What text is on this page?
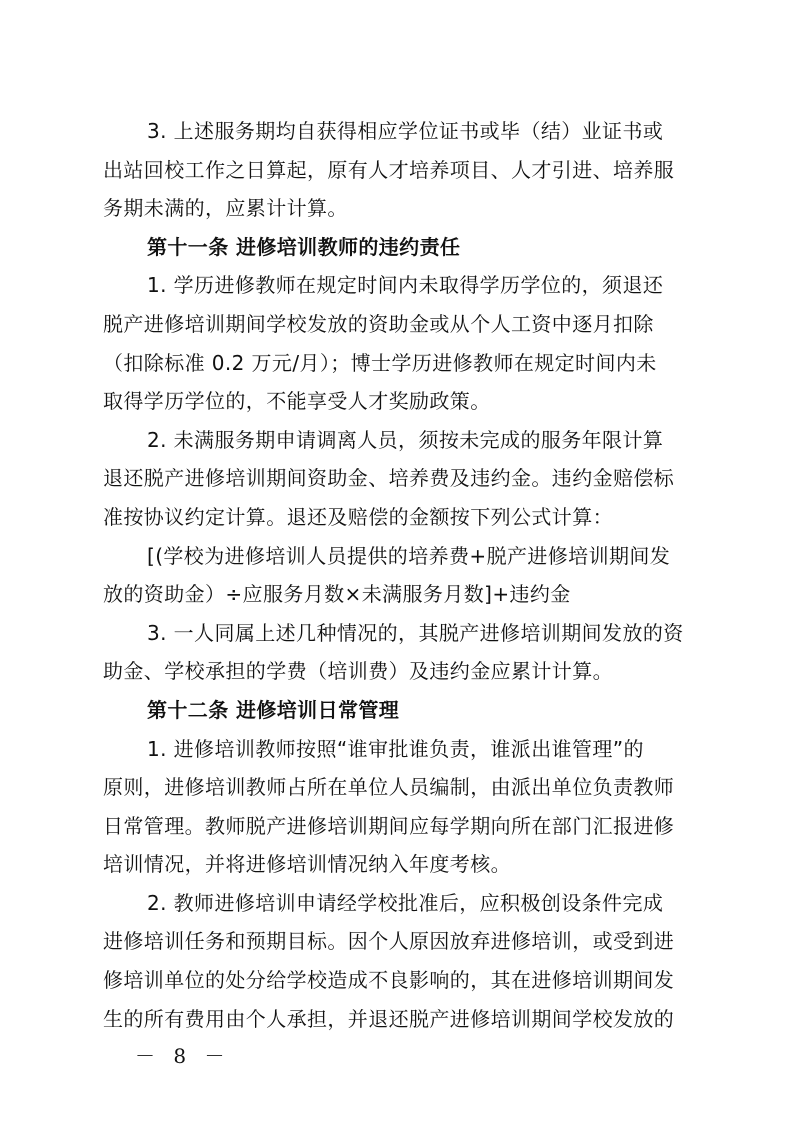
3. 上述服务期均自获得相应学位证书或毕（结）业证书或
出站回校工作之日算起，原有人才培养项目、人才引进、培养服
务期未满的，应累计计算。
第十一条 进修培训教师的违约责任
1. 学历进修教师在规定时间内未取得学历学位的，须退还
脱产进修培训期间学校发放的资助金或从个人工资中逐月扣除
（扣除标准 0.2 万元/月）；博士学历进修教师在规定时间内未
取得学历学位的，不能享受人才奖励政策。
2. 未满服务期申请调离人员，须按未完成的服务年限计算
退还脱产进修培训期间资助金、培养费及违约金。违约金赔偿标
准按协议约定计算。退还及赔偿的金额按下列公式计算：
[(学校为进修培训人员提供的培养费+脱产进修培训期间发
放的资助金）÷应服务月数×未满服务月数]+违约金
3. 一人同属上述几种情况的，其脱产进修培训期间发放的资
助金、学校承担的学费（培训费）及违约金应累计计算。
第十二条 进修培训日常管理
1. 进修培训教师按照“谁审批谁负责，谁派出谁管理”的
原则，进修培训教师占所在单位人员编制，由派出单位负责教师
日常管理。教师脱产进修培训期间应每学期向所在部门汇报进修
培训情况，并将进修培训情况纳入年度考核。
2. 教师进修培训申请经学校批准后，应积极创设条件完成
进修培训任务和预期目标。因个人原因放弃进修培训，或受到进
修培训单位的处分给学校造成不良影响的，其在进修培训期间发
生的所有费用由个人承担，并退还脱产进修培训期间学校发放的
－ 8 －
